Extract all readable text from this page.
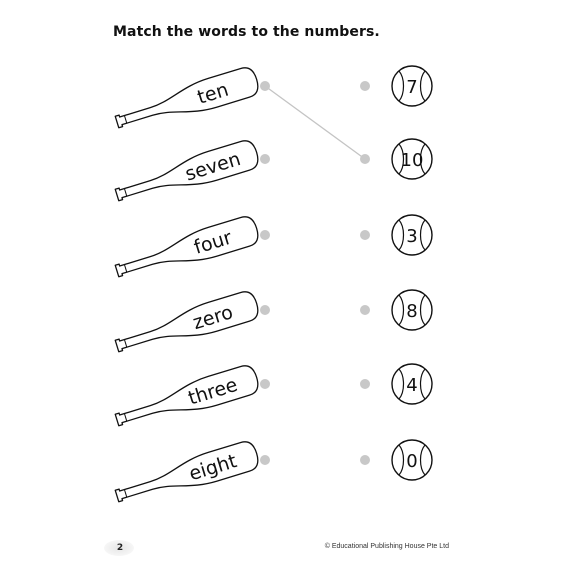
Match the words to the numbers.
ten
seven
four
zero
three
eight
7
10
3
8
4
0
2	© Educational Publishing House Pte Ltd
